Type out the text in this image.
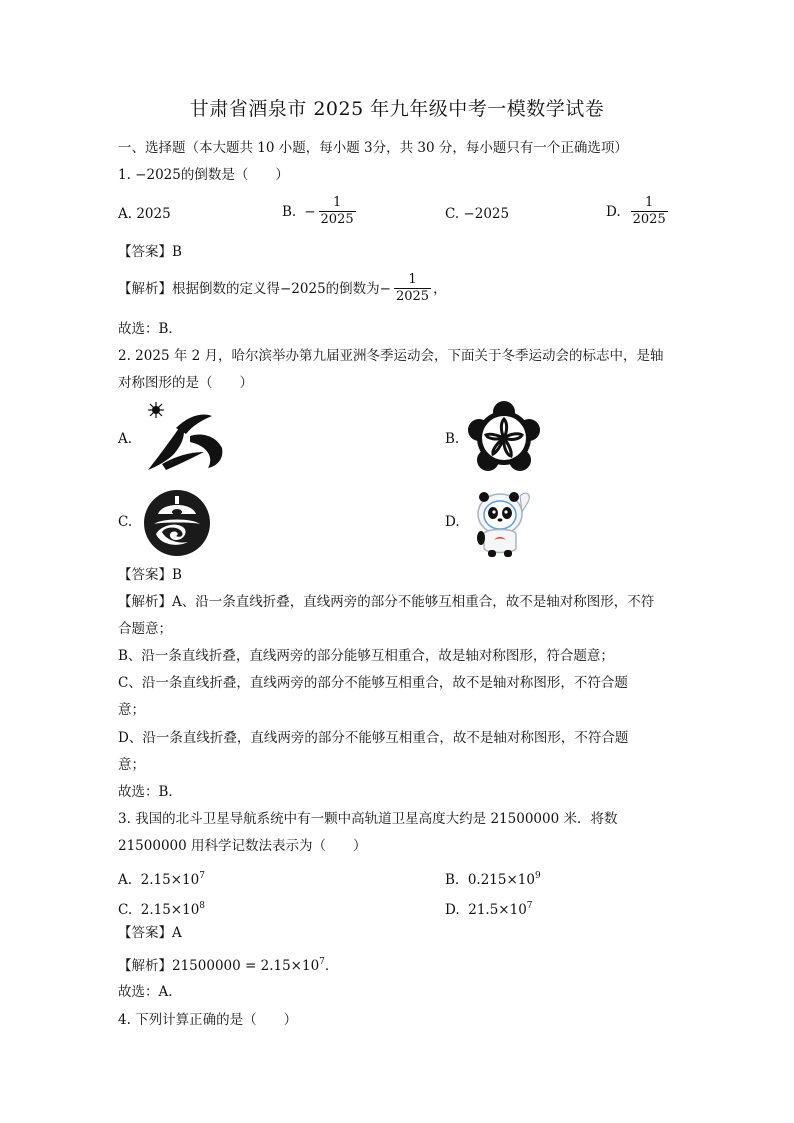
甘肃省酒泉市 2025 年九年级中考一模数学试卷
一、选择题（本大题共 10 小题，每小题 3分，共 30 分，每小题只有一个正确选项）
1. −2025的倒数是（　　）
A. 2025	B. − $\frac{1}{2025}$	C. −2025	D. $\frac{1}{2025}$
【答案】B
【解析】根据倒数的定义得 −2025的倒数为 − $\frac{1}{2025}$ ，
故选：B．
2. 2025 年 2 月，哈尔滨举办第九届亚洲冬季运动会，下面关于冬季运动会的标志中，是轴
对称图形的是（　　）
A.	B.
C.	D.
【答案】B
【解析】A、沿一条直线折叠，直线两旁的部分不能够互相重合，故不是轴对称图形，不符
合题意；
B、沿一条直线折叠，直线两旁的部分能够互相重合，故是轴对称图形，符合题意；
C、沿一条直线折叠，直线两旁的部分不能够互相重合，故不是轴对称图形，不符合题
意；
D、沿一条直线折叠，直线两旁的部分不能够互相重合，故不是轴对称图形，不符合题
意；
故选：B．
3. 我国的北斗卫星导航系统中有一颗中高轨道卫星高度大约是 21500000 米．将数
21500000 用科学记数法表示为（　　）
A. $2.15\times 10^7$	B. $0.215\times 10^9$
C. $2.15\times 10^8$	D. $21.5\times 10^7$
【答案】A
【解析】$21500000 = 2.15\times 10^7$．
故选：A．
4. 下列计算正确的是（　　）
